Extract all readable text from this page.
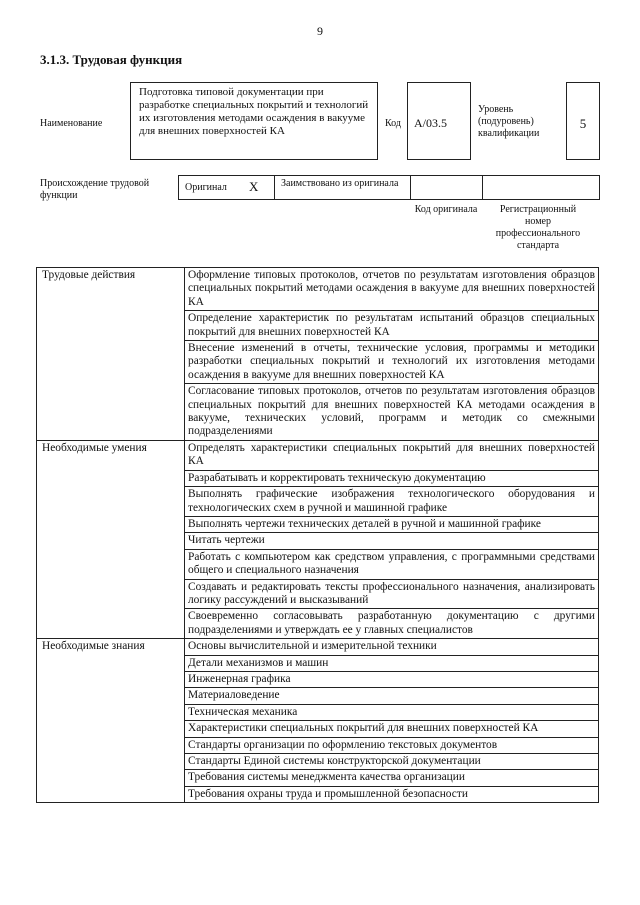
9
3.1.3. Трудовая функция
Наименование
Подготовка типовой документации при разработке специальных покрытий и технологий их изготовления методами осаждения в вакууме для внешних поверхностей КА
Код	A/03.5
Уровень (подуровень) квалификации
5
Происхождение трудовой функции
Оригинал X	Заимствовано из оригинала
Код оригинала	Регистрационный номер профессионального стандарта
Трудовые действия	Оформление типовых протоколов, отчетов по результатам изготовления образцов специальных покрытий методами осаждения в вакууме для внешних поверхностей КА
	Определение характеристик по результатам испытаний образцов специальных покрытий для внешних поверхностей КА
	Внесение изменений в отчеты, технические условия, программы и методики разработки специальных покрытий и технологий их изготовления методами осаждения в вакууме для внешних поверхностей КА
	Согласование типовых протоколов, отчетов по результатам изготовления образцов специальных покрытий для внешних поверхностей КА методами осаждения в вакууме, технических условий, программ и методик со смежными подразделениями
Необходимые умения	Определять характеристики специальных покрытий для внешних поверхностей КА
	Разрабатывать и корректировать техническую документацию
	Выполнять графические изображения технологического оборудования и технологических схем в ручной и машинной графике
	Выполнять чертежи технических деталей в ручной и машинной графике
	Читать чертежи
	Работать с компьютером как средством управления, с программными средствами общего и специального назначения
	Создавать и редактировать тексты профессионального назначения, анализировать логику рассуждений и высказываний
	Своевременно согласовывать разработанную документацию с другими подразделениями и утверждать ее у главных специалистов
Необходимые знания	Основы вычислительной и измерительной техники
	Детали механизмов и машин
	Инженерная графика
	Материаловедение
	Техническая механика
	Характеристики специальных покрытий для внешних поверхностей КА
	Стандарты организации по оформлению текстовых документов
	Стандарты Единой системы конструкторской документации
	Требования системы менеджмента качества организации
	Требования охраны труда и промышленной безопасности
